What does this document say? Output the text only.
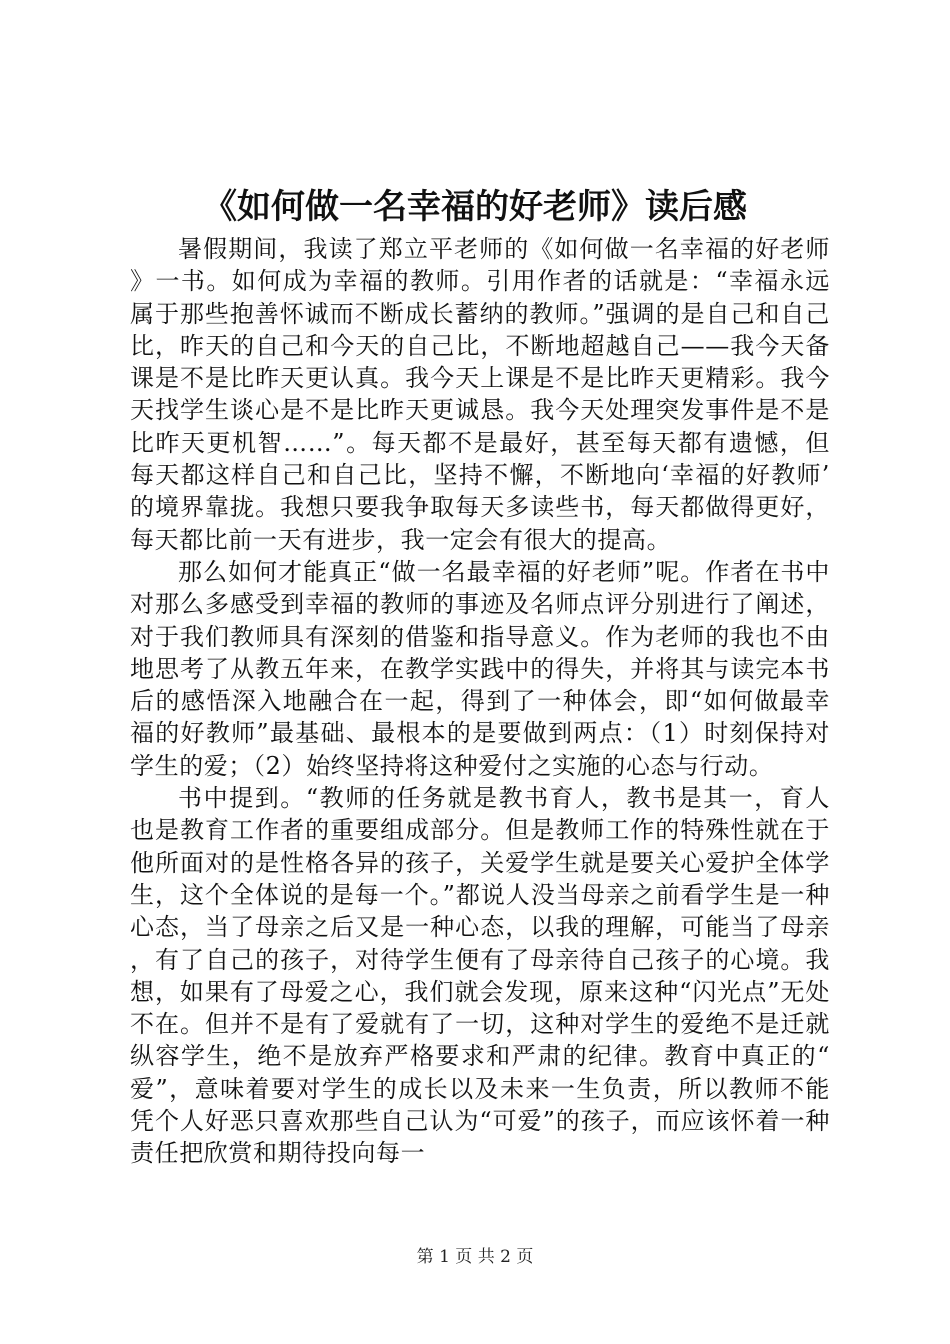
《如何做一名幸福的好老师》读后感

暑假期间，我读了郑立平老师的《如何做一名幸福的好老师》一书。如何成为幸福的教师。引用作者的话就是：“幸福永远属于那些抱善怀诚而不断成长蓄纳的教师。”强调的是自己和自己比，昨天的自己和今天的自己比，不断地超越自己——我今天备课是不是比昨天更认真。我今天上课是不是比昨天更精彩。我今天找学生谈心是不是比昨天更诚恳。我今天处理突发事件是不是比昨天更机智……”。每天都不是最好，甚至每天都有遗憾，但每天都这样自己和自己比，坚持不懈，不断地向‘幸福的好教师’的境界靠拢。我想只要我争取每天多读些书，每天都做得更好，每天都比前一天有进步，我一定会有很大的提高。

那么如何才能真正“做一名最幸福的好老师”呢。作者在书中对那么多感受到幸福的教师的事迹及名师点评分别进行了阐述，对于我们教师具有深刻的借鉴和指导意义。作为老师的我也不由地思考了从教五年来，在教学实践中的得失，并将其与读完本书后的感悟深入地融合在一起，得到了一种体会，即“如何做最幸福的好教师”最基础、最根本的是要做到两点：（1）时刻保持对学生的爱；（2）始终坚持将这种爱付之实施的心态与行动。

书中提到。“教师的任务就是教书育人，教书是其一，育人也是教育工作者的重要组成部分。但是教师工作的特殊性就在于他所面对的是性格各异的孩子，关爱学生就是要关心爱护全体学生，这个全体说的是每一个。”都说人没当母亲之前看学生是一种心态，当了母亲之后又是一种心态，以我的理解，可能当了母亲，有了自己的孩子，对待学生便有了母亲待自己孩子的心境。我想，如果有了母爱之心，我们就会发现，原来这种“闪光点”无处不在。但并不是有了爱就有了一切，这种对学生的爱绝不是迁就纵容学生，绝不是放弃严格要求和严肃的纪律。教育中真正的“爱”，意味着要对学生的成长以及未来一生负责，所以教师不能凭个人好恶只喜欢那些自己认为“可爱”的孩子，而应该怀着一种责任把欣赏和期待投向每一

第 1 页 共 2 页
